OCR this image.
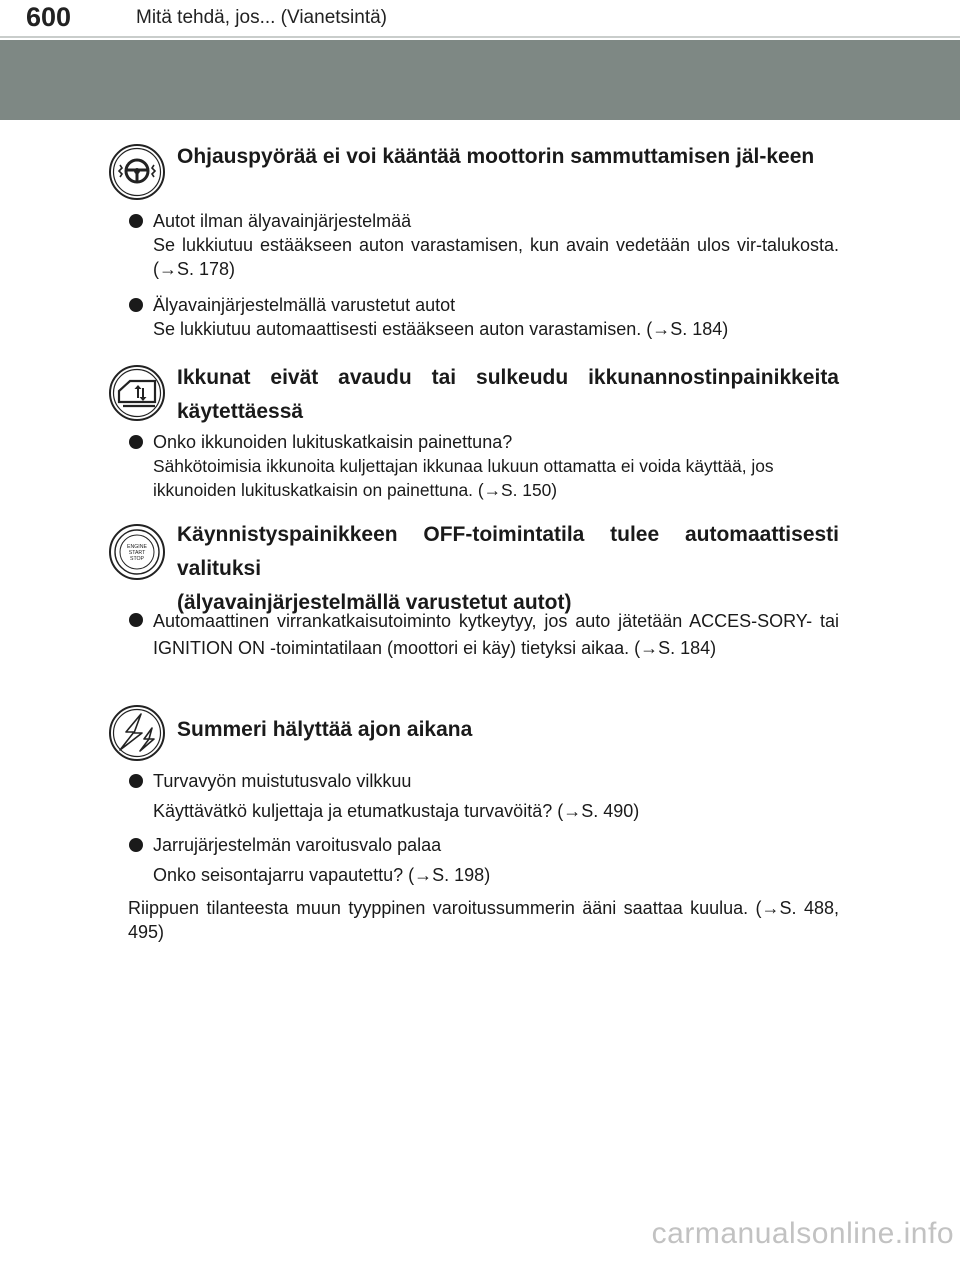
600	Mitä tehdä, jos... (Vianetsintä)
Ohjauspyörää ei voi kääntää moottorin sammuttamisen jäl-keen
Autot ilman älyavainjärjestelmää
Se lukkiutuu estääkseen auton varastamisen, kun avain vedetään ulos vir-talukosta. (→S. 178)
Älyavainjärjestelmällä varustetut autot
Se lukkiutuu automaattisesti estääkseen auton varastamisen. (→S. 184)
Ikkunat eivät avaudu tai sulkeudu ikkunannostinpainikkeita käytettäessä
Onko ikkunoiden lukituskatkaisin painettuna?
Sähkötoimisia ikkunoita kuljettajan ikkunaa lukuun ottamatta ei voida käyttää, jos ikkunoiden lukituskatkaisin on painettuna. (→S. 150)
ENGINE
START
STOP
Käynnistyspainikkeen OFF-toimintatila tulee automaattisesti valituksi
(älyavainjärjestelmällä varustetut autot)
Automaattinen virrankatkaisutoiminto kytkeytyy, jos auto jätetään ACCES-SORY- tai IGNITION ON -toimintatilaan (moottori ei käy) tietyksi aikaa. (→S. 184)
Summeri hälyttää ajon aikana
Turvavyön muistutusvalo vilkkuu
Käyttävätkö kuljettaja ja etumatkustaja turvavöitä? (→S. 490)
Jarrujärjestelmän varoitusvalo palaa
Onko seisontajarru vapautettu? (→S. 198)
Riippuen tilanteesta muun tyyppinen varoitussummerin ääni saattaa kuulua. (→S. 488, 495)
carmanualsonline.info
